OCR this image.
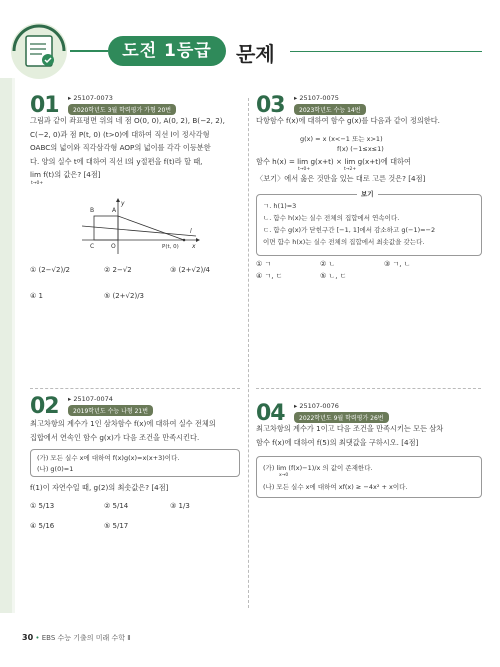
도전 1등급	문제
01 ▸ 25107-0073
2020학년도 3월 학력평가 가형 20번
그림과 같이 좌표평면 위의 네 점 O(0, 0), A(0, 2), B(−2, 2),
C(−2, 0)과 점 P(t, 0) (t>0)에 대하여 직선 l이 정사각형
OABC의 넓이와 직각삼각형 AOP의 넓이를 각각 이등분한
다. 양의 실수 t에 대하여 직선 l의 y절편을 f(t)라 할 때,
lim f(t)의 값은? [4점]
t→0+
B	A
C	O	P(t, 0) x
y
l
① (2−√2)/2	② 2−√2	③ (2+√2)/4
④ 1	⑤ (2+√2)/3
02 ▸ 25107-0074
2019학년도 수능 나형 21번
최고차항의 계수가 1인 삼차함수 f(x)에 대하여 실수 전체의
집합에서 연속인 함수 g(x)가 다음 조건을 만족시킨다.
(가) 모든 실수 x에 대하여 f(x)g(x)=x(x+3)이다.
(나) g(0)=1
f(1)이 자연수일 때, g(2)의 최솟값은? [4점]
① 5/13	② 5/14	③ 1/3
④ 5/16	⑤ 5/17
03 ▸ 25107-0075
2023학년도 수능 14번
다항함수 f(x)에 대하여 함수 g(x)를 다음과 같이 정의한다.
g(x) = x (x<−1 또는 x>1)
f(x) (−1≤x≤1)
함수 h(x) = lim g(x+t) × lim g(x+t)에 대하여
t→0+	t→2+
〈보기〉에서 옳은 것만을 있는 대로 고른 것은? [4점]
ㄱ. h(1)=3
ㄴ. 함수 h(x)는 실수 전체의 집합에서 연속이다.
ㄷ. 함수 g(x)가 닫힌구간 [−1, 1]에서 감소하고 g(−1)=−2
이면 함수 h(x)는 실수 전체의 집합에서 최솟값을 갖는다.
보기
① ㄱ	② ㄴ	③ ㄱ, ㄴ
④ ㄱ, ㄷ	⑤ ㄴ, ㄷ
04 ▸ 25107-0076
2022학년도 9월 학력평가 26번
최고차항의 계수가 1이고 다음 조건을 만족시키는 모든 삼차
함수 f(x)에 대하여 f(5)의 최댓값을 구하시오. [4점]
(가) lim (f(x)−1)/x 의 값이 존재한다.
x→0
(나) 모든 실수 x에 대하여 xf(x) ≥ −4x² + x이다.
30 • EBS 수능 기출의 미래 수학 Ⅱ
